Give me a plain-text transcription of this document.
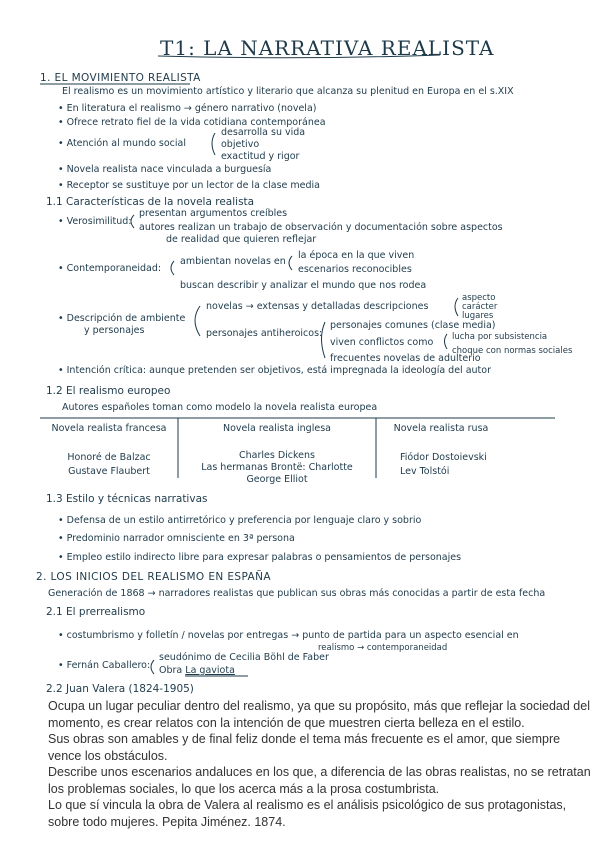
T1: LA NARRATIVA REALISTA
1. EL MOVIMIENTO REALISTA
El realismo es un movimiento artístico y literario que alcanza su plenitud en Europa en el s.XIX
• En literatura el realismo → género narrativo (novela)
• Ofrece retrato fiel de la vida cotidiana contemporánea
• Atención al mundo social
desarrolla su vida
objetivo
exactitud y rigor
• Novela realista nace vinculada a burguesía
• Receptor se sustituye por un lector de la clase media
1.1 Características de la novela realista
• Verosimilitud:
presentan argumentos creíbles
autores realizan un trabajo de observación y documentación sobre aspectos
de realidad que quieren reflejar
• Contemporaneidad:
ambientan novelas en
la época en la que viven
escenarios reconocibles
buscan describir y analizar el mundo que nos rodea
• Descripción de ambiente
y personajes
novelas → extensas y detalladas descripciones
aspecto
carácter
lugares
personajes antiheroicos:
personajes comunes (clase media)
viven conflictos como lucha por subsistencia
choque con normas sociales
frecuentes novelas de adulterio
• Intención crítica: aunque pretenden ser objetivos, está impregnada la ideología del autor
1.2 El realismo europeo
Autores españoles toman como modelo la novela realista europea
Novela realista francesa	Novela realista inglesa	Novela realista rusa
Honoré de Balzac
Gustave Flaubert
Charles Dickens
Las hermanas Brontë: Charlotte
George Elliot
Fiódor Dostoievski
Lev Tolstói
1.3 Estilo y técnicas narrativas
• Defensa de un estilo antirretórico y preferencia por lenguaje claro y sobrio
• Predominio narrador omnisciente en 3ª persona
• Empleo estilo indirecto libre para expresar palabras o pensamientos de personajes
2. LOS INICIOS DEL REALISMO EN ESPAÑA
Generación de 1868 → narradores realistas que publican sus obras más conocidas a partir de esta fecha
2.1 El prerrealismo
• costumbrismo y folletín / novelas por entregas → punto de partida para un aspecto esencial en
realismo → contemporaneidad
• Fernán Caballero:
seudónimo de Cecilia Böhl de Faber
Obra La gaviota
2.2 Juan Valera (1824-1905)
Ocupa un lugar peculiar dentro del realismo, ya que su propósito, más que reflejar la sociedad del
momento, es crear relatos con la intención de que muestren cierta belleza en el estilo.
Sus obras son amables y de final feliz donde el tema más frecuente es el amor, que siempre
vence los obstáculos.
Describe unos escenarios andaluces en los que, a diferencia de las obras realistas, no se retratan
los problemas sociales, lo que los acerca más a la prosa costumbrista.
Lo que sí vincula la obra de Valera al realismo es el análisis psicológico de sus protagonistas,
sobre todo mujeres. Pepita Jiménez. 1874.
